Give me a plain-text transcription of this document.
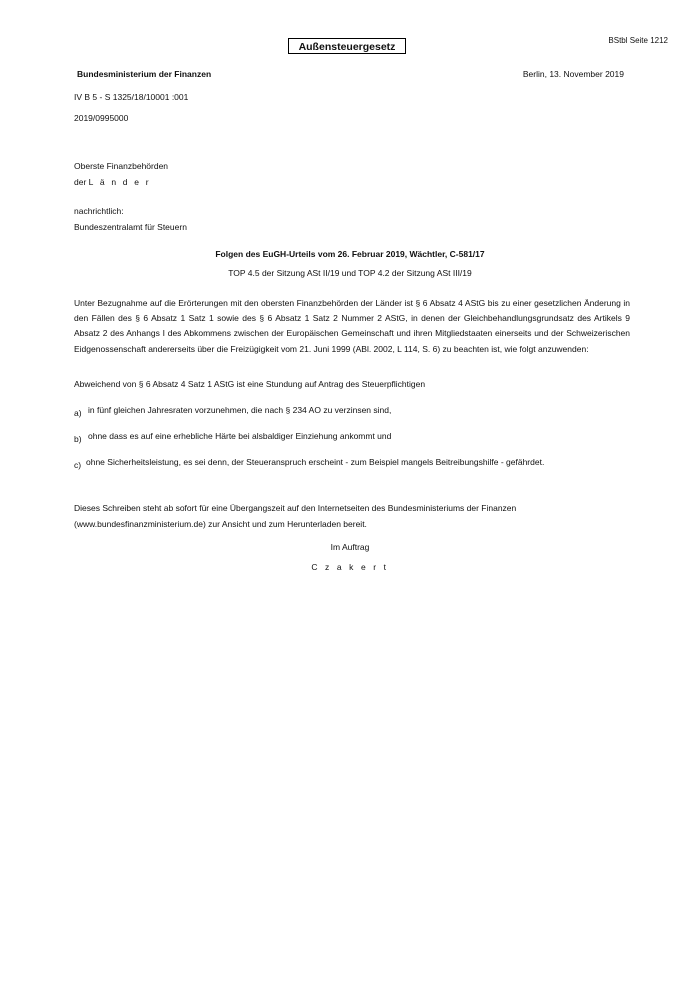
BStbl Seite 1212
Außensteuergesetz
Bundesministerium der Finanzen	Berlin, 13. November 2019
IV B 5 - S 1325/18/10001 :001
2019/0995000
Oberste Finanzbehörden
der L ä n d e r
nachrichtlich:
Bundeszentralamt für Steuern
Folgen des EuGH-Urteils vom 26. Februar 2019, Wächtler, C-581/17
TOP 4.5 der Sitzung ASt II/19 und TOP 4.2 der Sitzung ASt III/19
Unter Bezugnahme auf die Erörterungen mit den obersten Finanzbehörden der Länder ist § 6 Absatz 4 AStG bis zu einer gesetzlichen Änderung in den Fällen des § 6 Absatz 1 Satz 1 sowie des § 6 Absatz 1 Satz 2 Nummer 2 AStG, in denen der Gleichbehandlungsgrundsatz des Artikels 9 Absatz 2 des Anhangs I des Abkommens zwischen der Europäischen Gemeinschaft und ihren Mitgliedstaaten einerseits und der Schweizerischen Eidgenossenschaft andererseits über die Freizügigkeit vom 21. Juni 1999 (ABl. 2002, L 114, S. 6) zu beachten ist, wie folgt anzuwenden:
Abweichend von § 6 Absatz 4 Satz 1 AStG ist eine Stundung auf Antrag des Steuerpflichtigen
a) in fünf gleichen Jahresraten vorzunehmen, die nach § 234 AO zu verzinsen sind,
b) ohne dass es auf eine erhebliche Härte bei alsbaldiger Einziehung ankommt und
c) ohne Sicherheitsleistung, es sei denn, der Steueranspruch erscheint - zum Beispiel mangels Beitreibungshilfe - gefährdet.
Dieses Schreiben steht ab sofort für eine Übergangszeit auf den Internetseiten des Bundesministeriums der Finanzen (www.bundesfinanzministerium.de) zur Ansicht und zum Herunterladen bereit.
Im Auftrag
C z a k e r t
